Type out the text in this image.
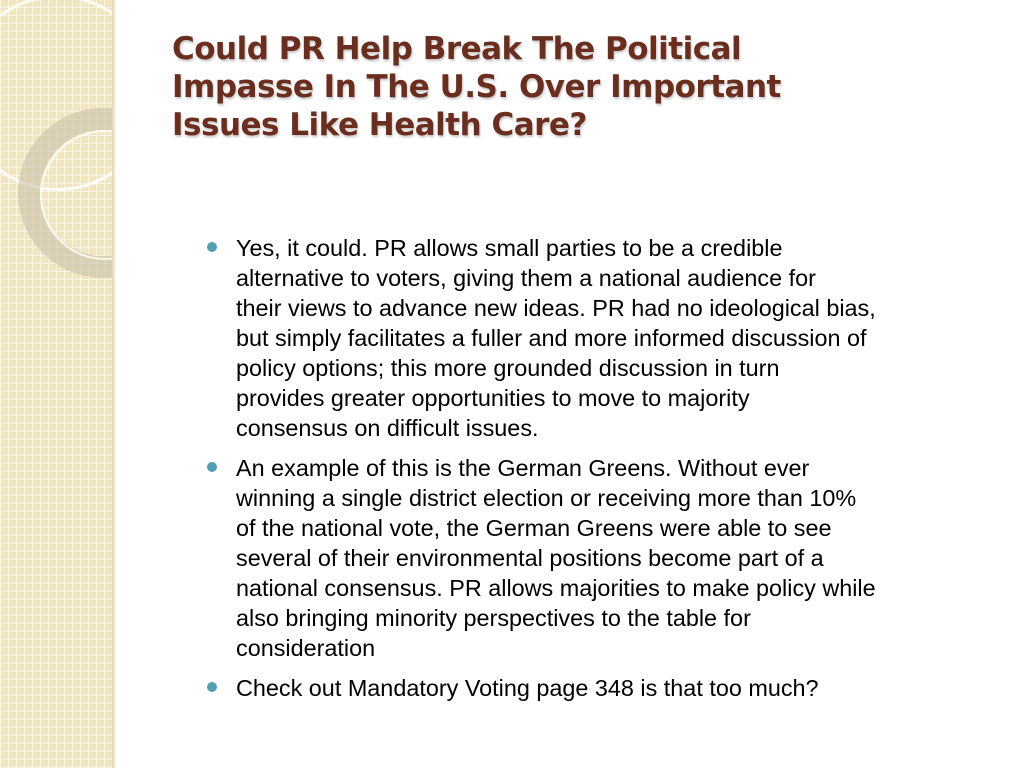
Could PR Help Break The Political
Impasse In The U.S. Over Important
Issues Like Health Care?
Yes, it could. PR allows small parties to be a credible
alternative to voters, giving them a national audience for
their views to advance new ideas. PR had no ideological bias,
but simply facilitates a fuller and more informed discussion of
policy options; this more grounded discussion in turn
provides greater opportunities to move to majority
consensus on difficult issues.
An example of this is the German Greens. Without ever
winning a single district election or receiving more than 10%
of the national vote, the German Greens were able to see
several of their environmental positions become part of a
national consensus. PR allows majorities to make policy while
also bringing minority perspectives to the table for
consideration
Check out Mandatory Voting page 348 is that too much?
